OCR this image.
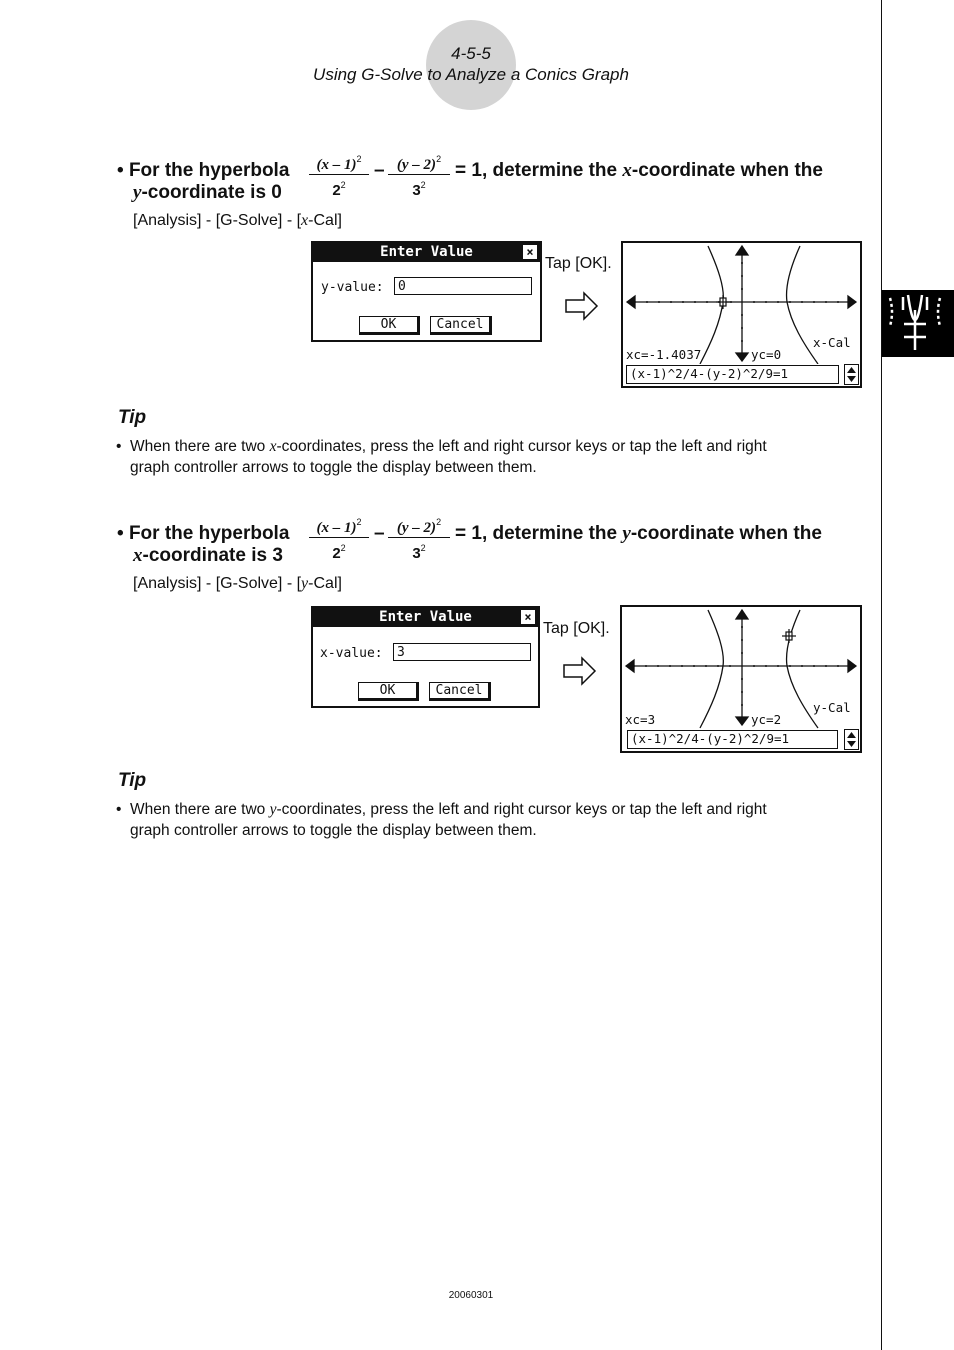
4-5-5
Using G-Solve to Analyze a Conics Graph
• For the hyperbola $\frac{(x - 1)^2}{2^2} - \frac{(y - 2)^2}{3^2} = 1$, determine the x-coordinate when the
y-coordinate is 0
[Analysis] - [G-Solve] - [x-Cal]
Enter Value	×
y-value:	0
OK	Cancel
Tap [OK].
xc=-1.4037	yc=0
x-Cal
(x-1)^2/4-(y-2)^2/9=1
Tip
• When there are two x-coordinates, press the left and right cursor keys or tap the left and right
graph controller arrows to toggle the display between them.
• For the hyperbola $\frac{(x - 1)^2}{2^2} - \frac{(y - 2)^2}{3^2} = 1$, determine the y-coordinate when the
x-coordinate is 3
[Analysis] - [G-Solve] - [y-Cal]
Enter Value	×
x-value:	3
OK	Cancel
Tap [OK].
xc=3	yc=2
y-Cal
(x-1)^2/4-(y-2)^2/9=1
Tip
• When there are two y-coordinates, press the left and right cursor keys or tap the left and right
graph controller arrows to toggle the display between them.
20060301
